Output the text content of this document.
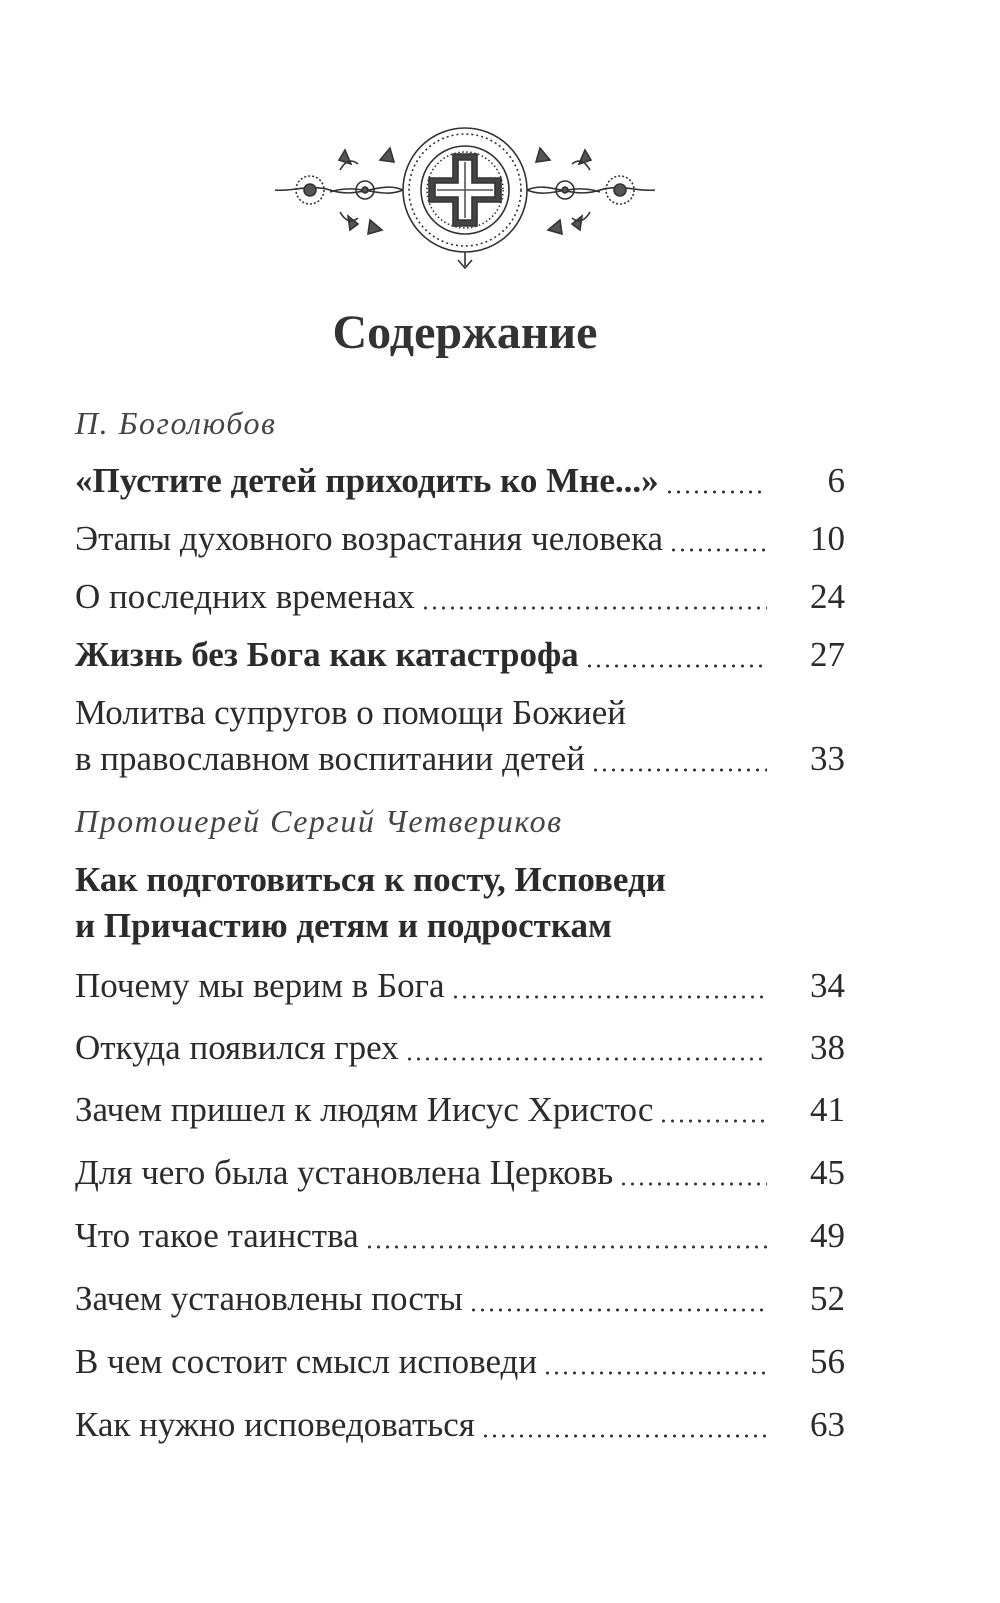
Содержание
П. Боголюбов
«Пустите детей приходить ко Мне...»	6
Этапы духовного возрастания человека	10
О последних временах	24
Жизнь без Бога как катастрофа	27
Молитва супругов о помощи Божией
в православном воспитании детей	33
Протоиерей Сергий Четвериков
Как подготовиться к посту, Исповеди
и Причастию детям и подросткам
Почему мы верим в Бога	34
Откуда появился грех	38
Зачем пришел к людям Иисус Христос	41
Для чего была установлена Церковь	45
Что такое таинства	49
Зачем установлены посты	52
В чем состоит смысл исповеди	56
Как нужно исповедоваться	63
